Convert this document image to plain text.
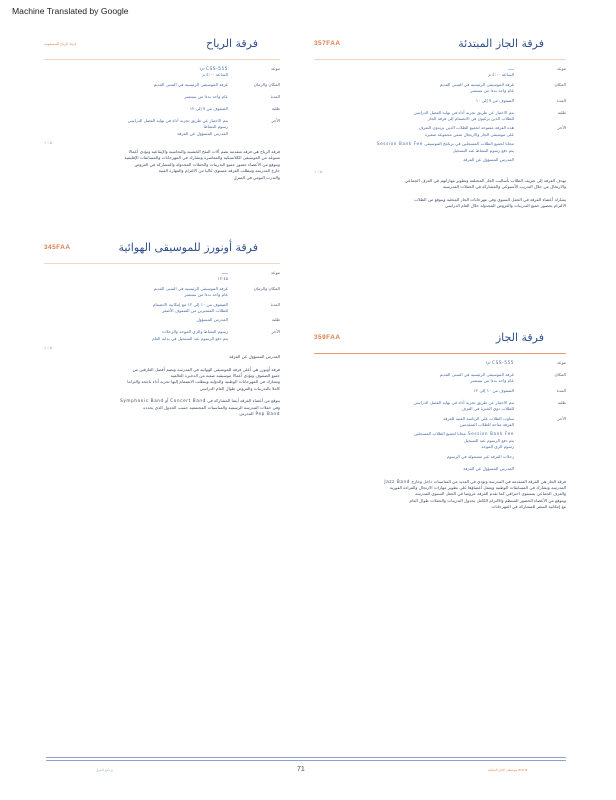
Machine Translated by Google
ﻓﺮﻗﺔ ﺍﻟﺠﺎﺯ ﺍﻟﻤﺒﺘﺪﺋﺔ
357FAA
ﻣﻮﻋﺪ
ـــــ
ﺍﻟﺴﺎﻋﺔ ٤:٠٠ ﻡ
ﺍﻟﻤﻜﺎﻥ
ﻏﺮﻓﺔ ﺍﻟﻤﻮﺳﻴﻘﻰ ﺍﻟﺮﺋﻴﺴﻴﺔ ﻓﻲ ﺍﻟﻤﺒﻨﻰ ﺍﻟﻘﺪﻳﻢ
ﻋﺎﻡ ﻭﺍﺣﺪ ﺑﺪﺀﺍ ﻣﻦ ﺳﺒﺘﻤﺒﺮ
ﺍﻟﻤﺪﺓ
ﺍﻟﺼﻔﻮﻑ ﻣﻦ ٧ ﺇﻟﻰ ١٠
ﻃﻠﺒﺔ
ﻳﺘﻢ ﺍﻻﺧﺘﻴﺎﺭ ﻋﻦ ﻃﺮﻳﻖ ﺗﺠﺮﺑﺔ ﺃﺩﺍﺀ ﻓﻲ ﻧﻬﺎﻳﺔ ﺍﻟﻔﺼﻞ ﺍﻟﺪﺭﺍﺳﻲ
ﻟﻠﻄﻼﺏ ﺍﻟﺬﻳﻦ ﻳﺮﻏﺒﻮﻥ ﻓﻲ ﺍﻻﻧﻀﻤﺎﻡ ﺇﻟﻰ ﻓﺮﻗﺔ ﺍﻟﺠﺎﺯ
ﺍﻷﺟﺮ
ﻫﺬﻩ ﺍﻟﻔﺮﻗﺔ ﻣﻔﺘﻮﺣﺔ ﻟﺠﻤﻴﻊ ﺍﻟﻄﻼﺏ ﺍﻟﺬﻳﻦ ﻳﺮﻳﺪﻭﻥ ﺍﻟﺘﻌﺮﻑ
ﻋﻠﻰ ﻣﻮﺳﻴﻘﻰ ﺍﻟﺠﺎﺯ ﻭﺍﻻﺭﺗﺠﺎﻝ ﺿﻤﻦ ﻣﺠﻤﻮﻋﺔ ﺻﻐﻴﺮﺓ
ﻣﺠﺎﻧﺎ ﻟﺠﻤﻴﻊ ﺍﻟﻄﻼﺏ ﺍﻟﻤﺴﺠﻠﻴﻦ ﻓﻲ ﺑﺮﻧﺎﻣﺞ ﺍﻟﻤﻮﺳﻴﻘﻰ Session Bank Fee
ﻳﺘﻢ ﺩﻓﻊ ﺭﺳﻮﻡ ﺍﻟﻨﺸﺎﻁ ﻋﻨﺪ ﺍﻟﺘﺴﺠﻴﻞ
ﺍﻟﻤﺪﺭﺱ ﺍﻟﻤﺴﺆﻭﻝ ﻋﻦ ﺍﻟﻔﺮﻗﺔ
١٠:٥٠
ﺗﻬﺪﻑ ﺍﻟﻔﺮﻗﺔ ﺇﻟﻰ ﺗﻌﺮﻳﻒ ﺍﻟﻄﻼﺏ ﺑﺄﺳﺎﻟﻴﺐ ﺍﻟﺠﺎﺯ ﺍﻟﻤﺨﺘﻠﻔﺔ ﻭﺗﻄﻮﻳﺮ ﻣﻬﺎﺭﺍﺗﻬﻢ ﻓﻲ ﺍﻟﻌﺰﻑ ﺍﻟﺠﻤﺎﻋﻲ
ﻭﺍﻻﺭﺗﺠﺎﻝ ﻣﻦ ﺧﻼﻝ ﺍﻟﺘﺪﺭﻳﺐ ﺍﻷﺳﺒﻮﻋﻲ ﻭﺍﻟﻤﺸﺎﺭﻛﺔ ﻓﻲ ﺍﻟﺤﻔﻼﺕ ﺍﻟﻤﺪﺭﺳﻴﺔ
ﻳﺸﺎﺭﻙ ﺃﻋﻀﺎﺀ ﺍﻟﻔﺮﻗﺔ ﻓﻲ ﺍﻟﺤﻔﻞ ﺍﻟﺴﻨﻮﻱ ﻭﻓﻲ ﻣﻬﺮﺟﺎﻧﺎﺕ ﺍﻟﺠﺎﺯ ﺍﻟﻤﺤﻠﻴﺔ ﻭﻳﺘﻮﻗﻊ ﻣﻦ ﺍﻟﻄﻼﺏ
ﺍﻻﻟﺘﺰﺍﻡ ﺑﺤﻀﻮﺭ ﺟﻤﻴﻊ ﺍﻟﺘﺪﺭﻳﺒﺎﺕ ﻭﺍﻟﻌﺮﻭﺽ ﺍﻟﻤﺠﺪﻭﻟﺔ ﺧﻼﻝ ﺍﻟﻌﺎﻡ ﺍﻟﺪﺭﺍﺳﻲ
ﻓﺮﻗﺔ ﺍﻟﺠﺎﺯ
359FAA
ﻣﻮﻋﺪ
CSS-555-ﻡ١
ﺍﻟﻤﻜﺎﻥ
ﻏﺮﻓﺔ ﺍﻟﻤﻮﺳﻴﻘﻰ ﺍﻟﺮﺋﻴﺴﻴﺔ ﻓﻲ ﺍﻟﻤﺒﻨﻰ ﺍﻟﻘﺪﻳﻢ
ﻋﺎﻡ ﻭﺍﺣﺪ ﺑﺪﺀﺍ ﻣﻦ ﺳﺒﺘﻤﺒﺮ
ﺍﻟﻤﺪﺓ
ﺍﻟﺼﻔﻮﻑ ﻣﻦ ١٠ ﺇﻟﻰ ١٢
ﻃﻠﺒﺔ
ﻳﺘﻢ ﺍﻻﺧﺘﻴﺎﺭ ﻋﻦ ﻃﺮﻳﻖ ﺗﺠﺮﺑﺔ ﺃﺩﺍﺀ ﻓﻲ ﻧﻬﺎﻳﺔ ﺍﻟﻔﺼﻞ ﺍﻟﺪﺭﺍﺳﻲ
ﻟﻠﻄﻼﺏ ﺫﻭﻱ ﺍﻟﺨﺒﺮﺓ ﻓﻲ ﺍﻟﻌﺰﻑ
ﺍﻷﺟﺮ
ﻳﺘﻨﺎﻭﺏ ﺍﻟﻄﻼﺏ ﻋﻠﻰ ﺍﻟﺮﺋﺎﺳﺔ ﺍﻟﻔﻨﻴﺔ ﻟﻠﻔﺮﻗﺔ
ﺍﻟﻔﺮﻗﺔ ﻣﺘﺎﺣﺔ ﻟﻠﻄﻼﺏ ﺍﻟﻤﺘﻘﺪﻣﻴﻦ
Session Bank Fee ﻣﺠﺎﻧﺎ ﻟﺠﻤﻴﻊ ﺍﻟﻄﻼﺏ ﺍﻟﻤﺴﺠﻠﻴﻦ
ﻳﺘﻢ ﺩﻓﻊ ﺍﻟﺮﺳﻮﻡ ﻋﻨﺪ ﺍﻟﺘﺴﺠﻴﻞ
ﺭﺳﻮﻡ ﺍﻟﺰﻱ ﺍﻟﻤﻮﺣﺪ
ﺭﺣﻼﺕ ﺍﻟﻔﺮﻗﺔ ﻏﻴﺮ ﻣﺸﻤﻮﻟﺔ ﻓﻲ ﺍﻟﺮﺳﻮﻡ
ﺍﻟﻤﺪﺭﺱ ﺍﻟﻤﺴﺆﻭﻝ ﻋﻦ ﺍﻟﻔﺮﻗﺔ
ﻓﺮﻗﺔ ﺍﻟﺠﺎﺯ ﻫﻲ ﺍﻟﻔﺮﻗﺔ ﺍﻟﻤﺘﻘﺪﻣﺔ ﻓﻲ ﺍﻟﻤﺪﺭﺳﺔ ﻭﺗﺆﺩﻱ ﻓﻲ ﺍﻟﻌﺪﻳﺪ ﻣﻦ ﺍﻟﻤﻨﺎﺳﺒﺎﺕ ﺩﺍﺧﻞ ﻭﺧﺎﺭﺝ Jazz Band
ﺍﻟﻤﺪﺭﺳﺔ ﻭﺗﺸﺎﺭﻙ ﻓﻲ ﺍﻟﻤﺴﺎﺑﻘﺎﺕ ﺍﻟﻮﻃﻨﻴﺔ ﻭﻳﻌﻤﻞ ﺃﻋﻀﺎﺅﻫﺎ ﻋﻠﻰ ﺗﻄﻮﻳﺮ ﻣﻬﺎﺭﺍﺕ ﺍﻻﺭﺗﺠﺎﻝ ﻭﺍﻟﻘﺮﺍﺀﺓ ﺍﻟﻔﻮﺭﻳﺔ
ﻭﺍﻟﻌﺰﻑ ﺍﻟﺠﻤﺎﻋﻲ ﺑﻤﺴﺘﻮﻯ ﺍﺣﺘﺮﺍﻓﻲ ﻛﻤﺎ ﺗﻘﺪﻡ ﺍﻟﻔﺮﻗﺔ ﻋﺮﻭﺿﺎ ﻓﻲ ﺍﻟﺤﻔﻞ ﺍﻟﺴﻨﻮﻱ ﻟﻠﻤﺪﺭﺳﺔ
ﻭﻳﺘﻮﻗﻊ ﻣﻦ ﺍﻷﻋﻀﺎﺀ ﺍﻟﺤﻀﻮﺭ ﺍﻟﻤﻨﺘﻈﻢ ﻭﺍﻻﻟﺘﺰﺍﻡ ﺍﻟﻜﺎﻣﻞ ﺑﺠﺪﻭﻝ ﺍﻟﺘﺪﺭﻳﺒﺎﺕ ﻭﺍﻟﺤﻔﻼﺕ ﻃﻮﺍﻝ ﺍﻟﻌﺎﻡ
ﻣﻊ ﺇﻣﻜﺎﻧﻴﺔ ﺍﻟﺴﻔﺮ ﻟﻠﻤﺸﺎﺭﻛﺔ ﻓﻲ ﺍﻟﻤﻬﺮﺟﺎﻧﺎﺕ
ﻓﺮﻗﺔ ﺍﻟﺮﻳﺎﺡ
ﻓﺮﻗﺔ ﺍﻟﺮﻳﺎﺡ ﺍﻟﺴﻴﻤﻔﻮﻧﻴﺔ
ﻣﻮﻋﺪ
CSS-555-ﻡ١
ﺍﻟﺴﺎﻋﺔ ٤:٠٠ ﻡ
ﺍﻟﻤﻜﺎﻥ ﻭﺍﻟﺰﻣﺎﻥ
ﻏﺮﻓﺔ ﺍﻟﻤﻮﺳﻴﻘﻰ ﺍﻟﺮﺋﻴﺴﻴﺔ ﻓﻲ ﺍﻟﻤﺒﻨﻰ ﺍﻟﻘﺪﻳﻢ
ﺍﻟﻤﺪﺓ
ﻋﺎﻡ ﻭﺍﺣﺪ ﺑﺪﺀﺍ ﻣﻦ ﺳﺒﺘﻤﺒﺮ
ﻃﻠﺒﺔ
ﺍﻟﺼﻔﻮﻑ ﻣﻦ ٧ ﺇﻟﻰ ١٢
ﺍﻷﺟﺮ
ﻳﺘﻢ ﺍﻻﺧﺘﻴﺎﺭ ﻋﻦ ﻃﺮﻳﻖ ﺗﺠﺮﺑﺔ ﺃﺩﺍﺀ ﻓﻲ ﻧﻬﺎﻳﺔ ﺍﻟﻔﺼﻞ ﺍﻟﺪﺭﺍﺳﻲ
ﺭﺳﻮﻡ ﺍﻟﻨﺸﺎﻁ
ﺍﻟﻤﺪﺭﺱ ﺍﻟﻤﺴﺆﻭﻝ ﻋﻦ ﺍﻟﻔﺮﻗﺔ
١٠:٥٠
ﻓﺮﻗﺔ ﺍﻟﺮﻳﺎﺡ ﻫﻲ ﻓﺮﻗﺔ ﻣﺘﻘﺪﻣﺔ ﺗﻀﻢ ﺁﻻﺕ ﺍﻟﻨﻔﺦ ﺍﻟﺨﺸﺒﻴﺔ ﻭﺍﻟﻨﺤﺎﺳﻴﺔ ﻭﺍﻹﻳﻘﺎﻋﻴﺔ ﻭﺗﺆﺩﻱ ﺃﻋﻤﺎﻻ
ﻣﺘﻨﻮﻋﺔ ﻣﻦ ﺍﻟﻤﻮﺳﻴﻘﻰ ﺍﻟﻜﻼﺳﻴﻜﻴﺔ ﻭﺍﻟﻤﻌﺎﺻﺮﺓ ﻭﺗﺸﺎﺭﻙ ﻓﻲ ﺍﻟﻤﻬﺮﺟﺎﻧﺎﺕ ﻭﺍﻟﻤﺴﺎﺑﻘﺎﺕ ﺍﻹﻗﻠﻴﻤﻴﺔ
ﻭﻳﺘﻮﻗﻊ ﻣﻦ ﺍﻷﻋﻀﺎﺀ ﺣﻀﻮﺭ ﺟﻤﻴﻊ ﺍﻟﺘﺪﺭﻳﺒﺎﺕ ﻭﺍﻟﺤﻔﻼﺕ ﺍﻟﻤﺠﺪﻭﻟﺔ ﻭﺍﻟﻤﺸﺎﺭﻛﺔ ﻓﻲ ﺍﻟﻌﺮﻭﺽ
ﺧﺎﺭﺝ ﺍﻟﻤﺪﺭﺳﺔ ﻭﺗﺘﻄﻠﺐ ﺍﻟﻔﺮﻗﺔ ﻣﺴﺘﻮﻯ ﻋﺎﻟﻴﺎ ﻣﻦ ﺍﻻﻟﺘﺰﺍﻡ ﻭﺍﻟﻤﻬﺎﺭﺓ ﺍﻟﻔﻨﻴﺔ
ﻭﺍﻟﺘﺪﺭﺏ ﺍﻟﻴﻮﻣﻲ ﻓﻲ ﺍﻟﻤﻨﺰﻝ
ﻓﺮﻗﺔ ﺃﻭﻧﻮﺭﺯ ﻟﻠﻤﻮﺳﻴﻘﻰ ﺍﻟﻬﻮﺍﺋﻴﺔ
345FAA
ﻣﻮﻋﺪ
ـــــ
١٢:٤٥
ﺍﻟﻤﻜﺎﻥ ﻭﺍﻟﺰﻣﺎﻥ
ﻏﺮﻓﺔ ﺍﻟﻤﻮﺳﻴﻘﻰ ﺍﻟﺮﺋﻴﺴﻴﺔ ﻓﻲ ﺍﻟﻤﺒﻨﻰ ﺍﻟﻘﺪﻳﻢ
ﻋﺎﻡ ﻭﺍﺣﺪ ﺑﺪﺀﺍ ﻣﻦ ﺳﺒﺘﻤﺒﺮ
ﺍﻟﻤﺪﺓ
ﺍﻟﺼﻔﻮﻑ ﻣﻦ ١٠ ﺇﻟﻰ ١٢ ﻣﻊ ﺇﻣﻜﺎﻧﻴﺔ ﺍﻻﻧﻀﻤﺎﻡ
ﻟﻠﻄﻼﺏ ﺍﻟﻤﺘﻤﻴﺰﻳﻦ ﻣﻦ ﺍﻟﺼﻔﻮﻑ ﺍﻷﺻﻐﺮ
ﻃﻠﺒﺔ
ﺍﻟﻤﺪﺭﺱ ﺍﻟﻤﺴﺆﻭﻝ
ﺍﻷﺟﺮ
ﺭﺳﻮﻡ ﺍﻟﻨﺸﺎﻁ ﻭﺍﻟﺰﻱ ﺍﻟﻤﻮﺣﺪ ﻭﺍﻟﺮﺣﻼﺕ
ﻳﺘﻢ ﺩﻓﻊ ﺍﻟﺮﺳﻮﻡ ﻋﻨﺪ ﺍﻟﺘﺴﺠﻴﻞ ﻓﻲ ﺑﺪﺍﻳﺔ ﺍﻟﻌﺎﻡ
١٠:٥٠
ﺍﻟﻤﺪﺭﺱ ﺍﻟﻤﺴﺆﻭﻝ ﻋﻦ ﺍﻟﻔﺮﻗﺔ
ﻓﺮﻗﺔ ﺃﻭﻧﻮﺭﺯ ﻫﻲ ﺃﻋﻠﻰ ﻓﺮﻗﺔ ﻟﻠﻤﻮﺳﻴﻘﻰ ﺍﻟﻬﻮﺍﺋﻴﺔ ﻓﻲ ﺍﻟﻤﺪﺭﺳﺔ ﻭﺗﻀﻢ ﺃﻓﻀﻞ ﺍﻟﻌﺎﺯﻓﻴﻦ ﻣﻦ
ﺟﻤﻴﻊ ﺍﻟﺼﻔﻮﻑ ﻭﺗﺆﺩﻱ ﺃﻋﻤﺎﻻ ﻣﻮﺳﻴﻘﻴﺔ ﺻﻌﺒﺔ ﻣﻦ ﺍﻟﺬﺧﻴﺮﺓ ﺍﻟﻌﺎﻟﻤﻴﺔ
ﻭﺗﺸﺎﺭﻙ ﻓﻲ ﺍﻟﻤﻬﺮﺟﺎﻧﺎﺕ ﺍﻟﻮﻃﻨﻴﺔ ﻭﺍﻟﺪﻭﻟﻴﺔ ﻭﻳﺘﻄﻠﺐ ﺍﻻﻧﻀﻤﺎﻡ ﺇﻟﻴﻬﺎ ﺗﺠﺮﺑﺔ ﺃﺩﺍﺀ ﻧﺎﺟﺤﺔ ﻭﺍﻟﺘﺰﺍﻣﺎ
ﻛﺎﻣﻼ ﺑﺎﻟﺘﺪﺭﻳﺒﺎﺕ ﻭﺍﻟﻌﺮﻭﺽ ﻃﻮﺍﻝ ﺍﻟﻌﺎﻡ ﺍﻟﺪﺭﺍﺳﻲ
ﻳﺘﻮﻗﻊ ﻣﻦ ﺃﻋﻀﺎﺀ ﺍﻟﻔﺮﻗﺔ ﺃﻳﻀﺎ ﺍﻟﻤﺸﺎﺭﻛﺔ ﻓﻲ Concert Band ﺃﻭ Symphonic Band
ﻭﻓﻲ ﺣﻔﻼﺕ ﺍﻟﻤﺪﺭﺳﺔ ﺍﻟﺮﺳﻤﻴﺔ ﻭﺍﻟﻤﻨﺎﺳﺒﺎﺕ ﺍﻟﻤﺠﺘﻤﻌﻴﺔ ﺣﺴﺐ ﺍﻟﺠﺪﻭﻝ ﺍﻟﺬﻱ ﻳﺤﺪﺩﻩ
Pep Band ﺍﻟﻤﺪﺭﺱ
ﺑﺮﻧﺎﻣﺞ ﺍﻟﻔﺮﻕ	71	ﻣﻮﺳﻴﻘﻰ ﺍﻟﺠﺎﺯ ﺍﻟﻤﺤﻠﻴﺔ www
